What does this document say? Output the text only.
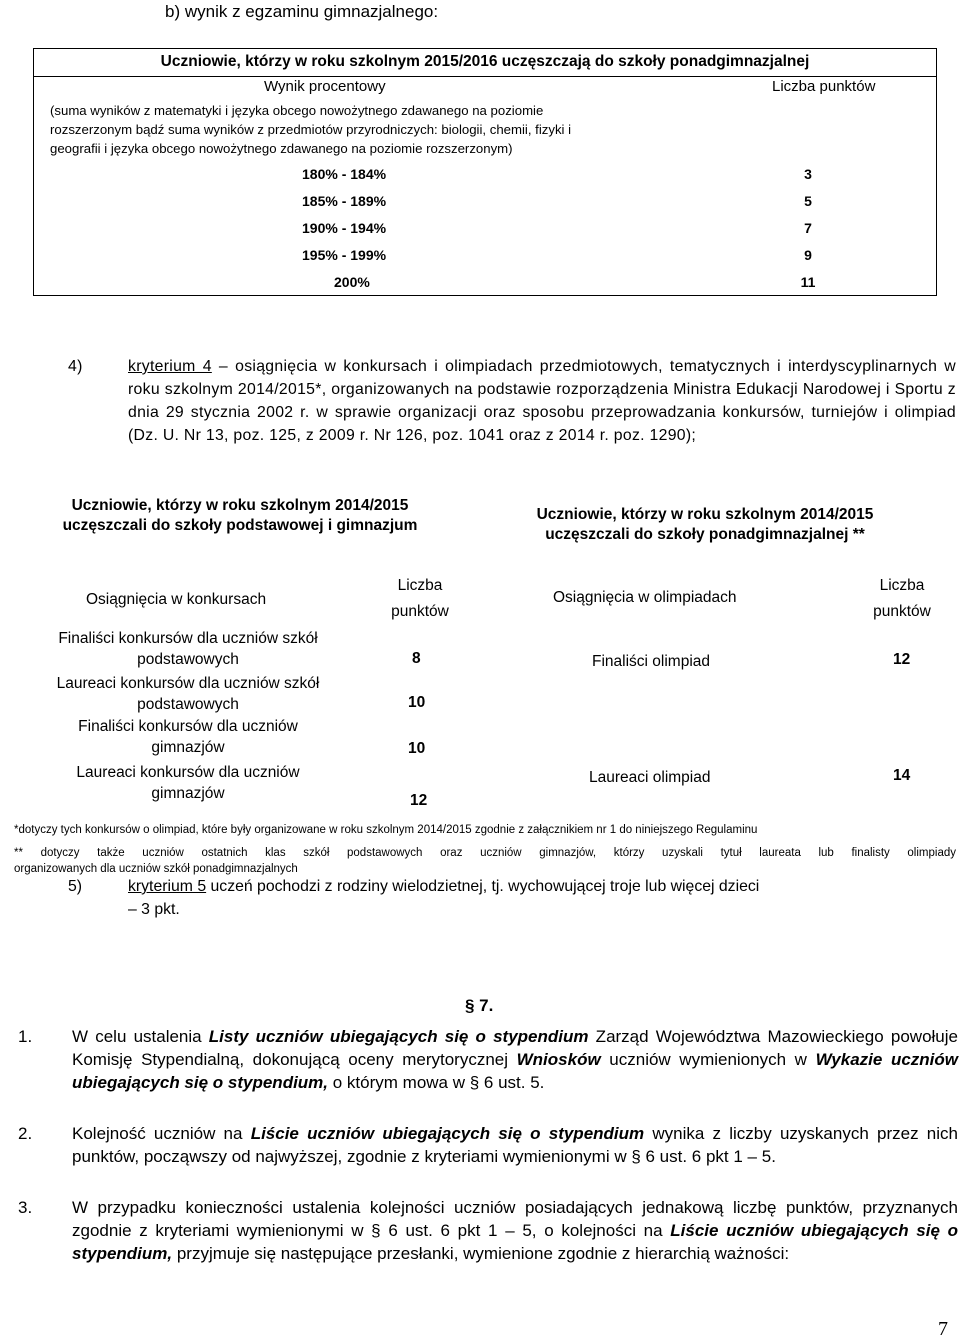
b) wynik z egzaminu gimnazjalnego:
Uczniowie, którzy w roku szkolnym 2015/2016 uczęszczają do szkoły ponadgimnazjalnej
Wynik procentowy	Liczba punktów
(suma wyników z matematyki i języka obcego nowożytnego zdawanego na poziomie
rozszerzonym bądź suma wyników z przedmiotów przyrodniczych: biologii, chemii, fizyki i
geografii i języka obcego nowożytnego zdawanego na poziomie rozszerzonym)
180% - 184%	3
185% - 189%	5
190% - 194%	7
195% - 199%	9
200%	11
4)	kryterium 4 – osiągnięcia w konkursach i olimpiadach przedmiotowych, tematycznych i interdyscyplinarnych w roku szkolnym 2014/2015*, organizowanych na podstawie rozporządzenia Ministra Edukacji Narodowej i Sportu z dnia 29 stycznia 2002 r. w sprawie organizacji oraz sposobu przeprowadzania konkursów, turniejów i olimpiad (Dz. U. Nr 13, poz. 125, z 2009 r. Nr 126, poz. 1041 oraz z 2014 r. poz. 1290);
Uczniowie, którzy w roku szkolnym 2014/2015 uczęszczali do szkoły podstawowej i gimnazjum
Osiągnięcia w konkursach
Liczba
punktów
Finaliści konkursów dla uczniów szkół
podstawowych	8
Laureaci konkursów dla uczniów szkół
podstawowych	10
Finaliści konkursów dla uczniów
gimnazjów	10
Laureaci konkursów dla uczniów
gimnazjów	12
Uczniowie, którzy w roku szkolnym 2014/2015
uczęszczali do szkoły ponadgimnazjalnej **
Osiągnięcia w olimpiadach
Liczba
punktów
Finaliści olimpiad	12
Laureaci olimpiad	14
*dotyczy tych konkursów o olimpiad, które były organizowane w roku szkolnym 2014/2015 zgodnie z załącznikiem nr 1 do niniejszego Regulaminu
** dotyczy także uczniów ostatnich klas szkół podstawowych oraz uczniów gimnazjów, którzy uzyskali tytuł laureata lub finalisty olimpiady
organizowanych dla uczniów szkół ponadgimnazjalnych
5)	kryterium 5 uczeń pochodzi z rodziny wielodzietnej, tj. wychowującej troje lub więcej dzieci
– 3 pkt.
§ 7.
1. W celu ustalenia Listy uczniów ubiegających się o stypendium Zarząd Województwa Mazowieckiego powołuje Komisję Stypendialną, dokonującą oceny merytorycznej Wniosków uczniów wymienionych w Wykazie uczniów ubiegających się o stypendium, o którym mowa w § 6 ust. 5.
2. Kolejność uczniów na Liście uczniów ubiegających się o stypendium wynika z liczby uzyskanych przez nich punktów, począwszy od najwyższej, zgodnie z kryteriami wymienionymi w § 6 ust. 6 pkt 1 – 5.
3. W przypadku konieczności ustalenia kolejności uczniów posiadających jednakową liczbę punktów, przyznanych zgodnie z kryteriami wymienionymi w § 6 ust. 6 pkt 1 – 5, o kolejności na Liście uczniów ubiegających się o stypendium, przyjmuje się następujące przesłanki, wymienione zgodnie z hierarchią ważności:
7
